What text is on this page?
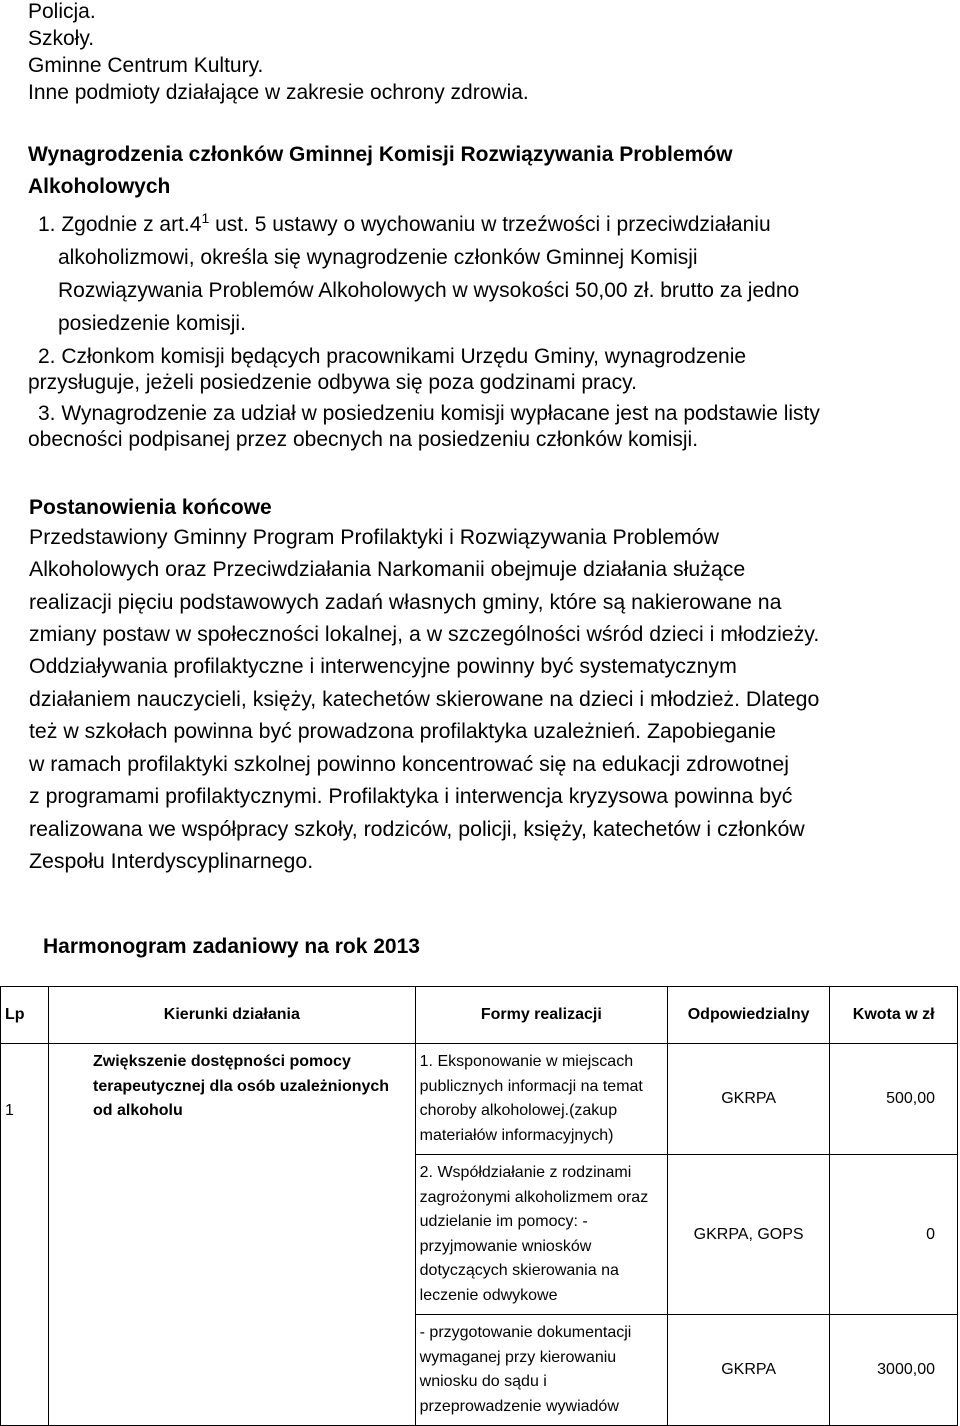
Policja.
Szkoły.
Gminne Centrum Kultury.
Inne podmioty działające w zakresie ochrony zdrowia.
Wynagrodzenia członków Gminnej Komisji Rozwiązywania Problemów
Alkoholowych
1. Zgodnie z $art.4^1$ ust. 5 ustawy o wychowaniu w trzeźwości i przeciwdziałaniu
alkoholizmowi, określa się wynagrodzenie członków Gminnej Komisji
Rozwiązywania Problemów Alkoholowych w wysokości 50,00 zł. brutto za jedno
posiedzenie komisji.
2. Członkom komisji będących pracownikami Urzędu Gminy, wynagrodzenie
przysługuje, jeżeli posiedzenie odbywa się poza godzinami pracy.
3. Wynagrodzenie za udział w posiedzeniu komisji wypłacane jest na podstawie listy
obecności podpisanej przez obecnych na posiedzeniu członków komisji.
Postanowienia końcowe
Przedstawiony Gminny Program Profilaktyki i Rozwiązywania Problemów
Alkoholowych oraz Przeciwdziałania Narkomanii obejmuje działania służące
realizacji pięciu podstawowych zadań własnych gminy, które są nakierowane na
zmiany postaw w społeczności lokalnej, a w szczególności wśród dzieci i młodzieży.
Oddziaływania profilaktyczne i interwencyjne powinny być systematycznym
działaniem nauczycieli, księży, katechetów skierowane na dzieci i młodzież. Dlatego
też w szkołach powinna być prowadzona profilaktyka uzależnień. Zapobieganie
w ramach profilaktyki szkolnej powinno koncentrować się na edukacji zdrowotnej
z programami profilaktycznymi. Profilaktyka i interwencja kryzysowa powinna być
realizowana we współpracy szkoły, rodziców, policji, księży, katechetów i członków
Zespołu Interdyscyplinarnego.
Harmonogram zadaniowy na rok 2013
Lp	Kierunki działania	Formy realizacji	Odpowiedzialny	Kwota w zł
1	Zwiększenie dostępności pomocy terapeutycznej dla osób uzależnionych od alkoholu	1. Eksponowanie w miejscach publicznych informacji na temat choroby alkoholowej.(zakup materiałów informacyjnych)	GKRPA	500,00
		2. Współdziałanie z rodzinami zagrożonymi alkoholizmem oraz udzielanie im pomocy: - przyjmowanie wniosków dotyczących skierowania na leczenie odwykowe	GKRPA, GOPS	0
		- przygotowanie dokumentacji wymaganej przy kierowaniu wniosku do sądu i przeprowadzenie wywiadów	GKRPA	3000,00
